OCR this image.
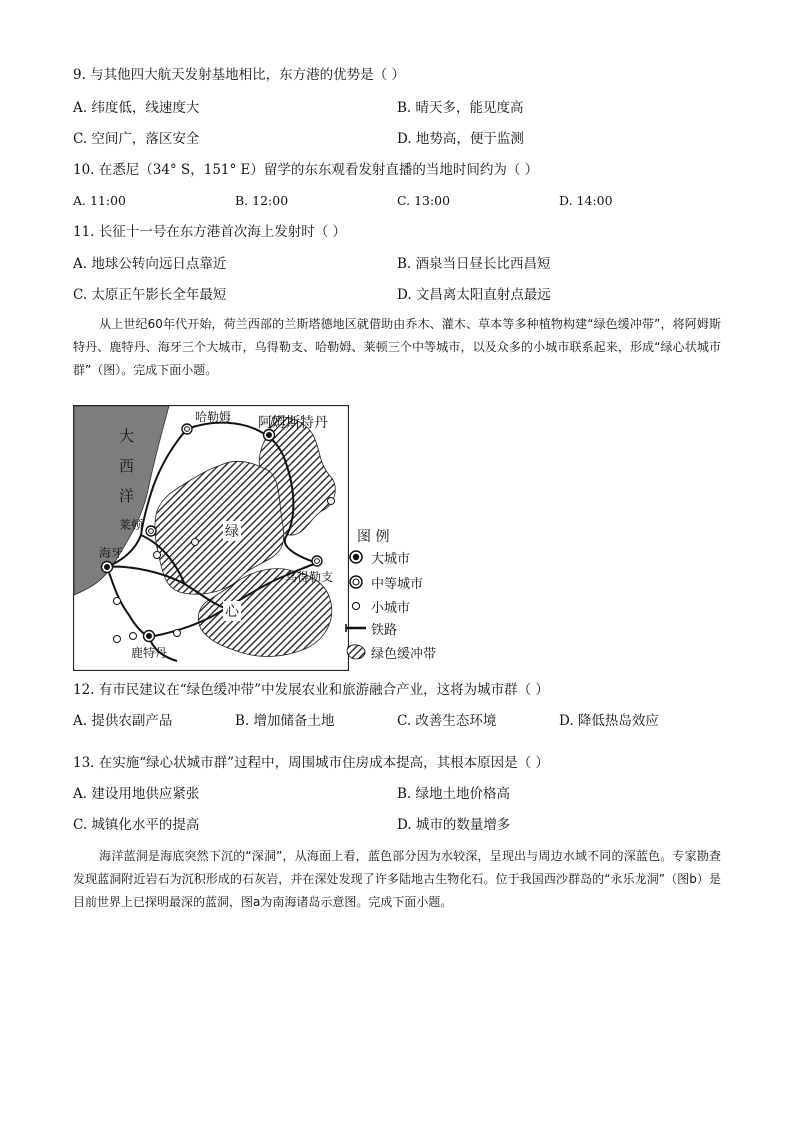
9. 与其他四大航天发射基地相比，东方港的优势是（ ）
A. 纬度低，线速度大	B. 晴天多，能见度高
C. 空间广，落区安全	D. 地势高，便于监测
10. 在悉尼（34° S，151° E）留学的东东观看发射直播的当地时间约为（ ）
A. 11:00	B. 12:00	C. 13:00	D. 14:00
11. 长征十一号在东方港首次海上发射时（ ）
A. 地球公转向远日点靠近	B. 酒泉当日昼长比西昌短
C. 太原正午影长全年最短	D. 文昌离太阳直射点最远
从上世纪60年代开始，荷兰西部的兰斯塔德地区就借助由乔木、灌木、草本等多种植物构建“绿色缓冲带”，将阿姆斯特丹、鹿特丹、海牙三个大城市，乌得勒支、哈勒姆、莱顿三个中等城市，以及众多的小城市联系起来，形成“绿心状城市群”（图）。完成下面小题。
大
西
洋
绿
心
哈勒姆 阿姆斯特丹
莱顿
海牙
乌得勒支
鹿特丹
图 例
大城市
中等城市
小城市
铁路
绿色缓冲带
12. 有市民建议在“绿色缓冲带”中发展农业和旅游融合产业，这将为城市群（ ）
A. 提供农副产品	B. 增加储备土地	C. 改善生态环境	D. 降低热岛效应
13. 在实施“绿心状城市群”过程中，周围城市住房成本提高，其根本原因是（ ）
A. 建设用地供应紧张	B. 绿地土地价格高
C. 城镇化水平的提高	D. 城市的数量增多
海洋蓝洞是海底突然下沉的“深洞”，从海面上看，蓝色部分因为水较深，呈现出与周边水域不同的深蓝色。专家勘查发现蓝洞附近岩石为沉积形成的石灰岩，并在深处发现了许多陆地古生物化石。位于我国西沙群岛的“永乐龙洞”（图b）是目前世界上已探明最深的蓝洞，图a为南海诸岛示意图。完成下面小题。
